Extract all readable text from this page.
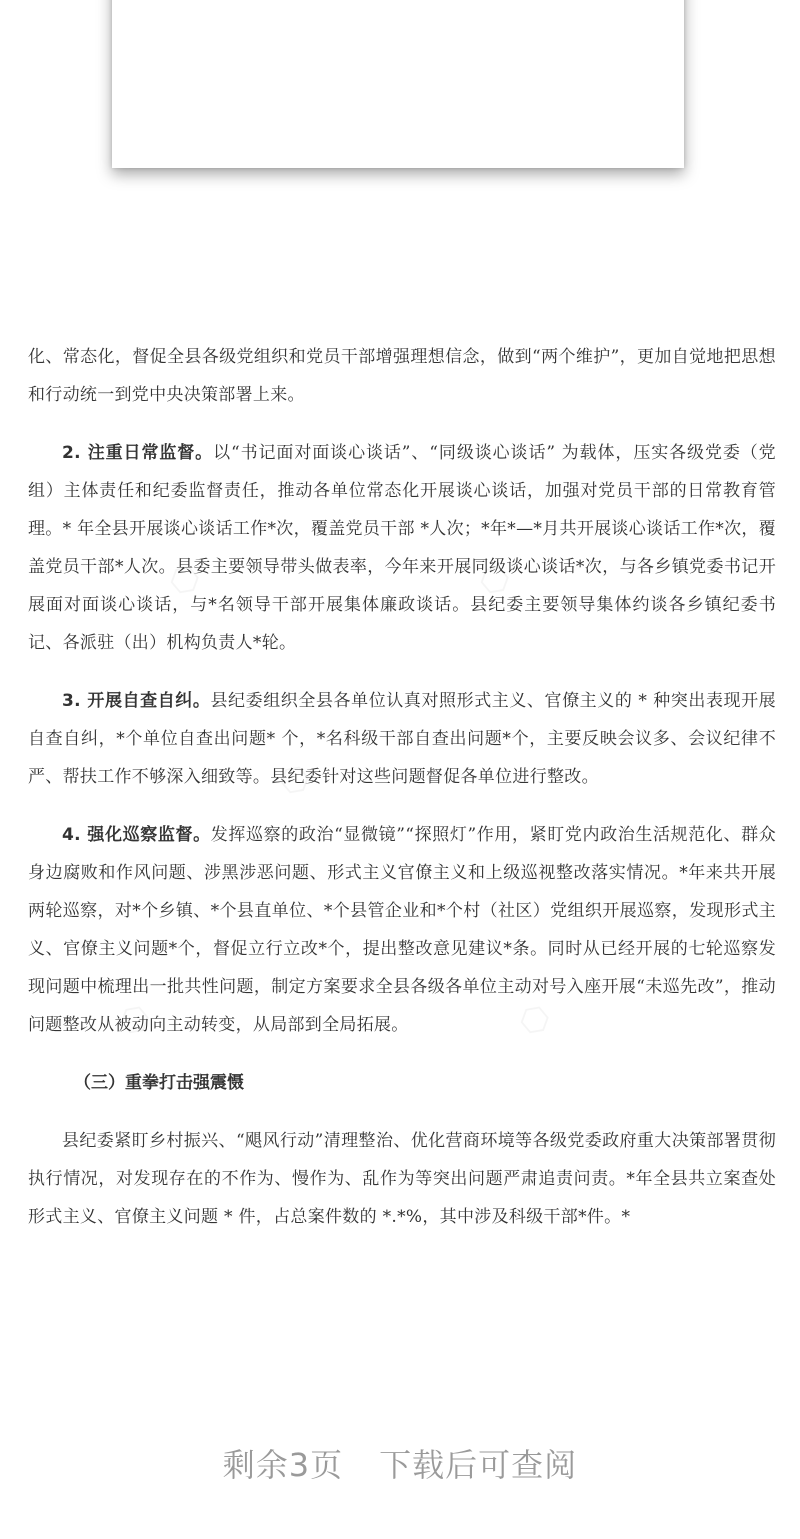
化、常态化，督促全县各级党组织和党员干部增强理想信念，做到“两个维护”，更加自觉地把思想和行动统一到党中央决策部署上来。

2. 注重日常监督。以“书记面对面谈心谈话”、“同级谈心谈话” 为载体，压实各级党委（党组）主体责任和纪委监督责任，推动各单位常态化开展谈心谈话，加强对党员干部的日常教育管理。* 年全县开展谈心谈话工作*次，覆盖党员干部 *人次；*年*—*月共开展谈心谈话工作*次，覆盖党员干部*人次。县委主要领导带头做表率，今年来开展同级谈心谈话*次，与各乡镇党委书记开展面对面谈心谈话，与*名领导干部开展集体廉政谈话。县纪委主要领导集体约谈各乡镇纪委书记、各派驻（出）机构负责人*轮。

3. 开展自查自纠。县纪委组织全县各单位认真对照形式主义、官僚主义的 * 种突出表现开展自查自纠，*个单位自查出问题* 个，*名科级干部自查出问题*个，主要反映会议多、会议纪律不严、帮扶工作不够深入细致等。县纪委针对这些问题督促各单位进行整改。

4. 强化巡察监督。发挥巡察的政治“显微镜”“探照灯”作用，紧盯党内政治生活规范化、群众身边腐败和作风问题、涉黑涉恶问题、形式主义官僚主义和上级巡视整改落实情况。*年来共开展两轮巡察，对*个乡镇、*个县直单位、*个县管企业和*个村（社区）党组织开展巡察，发现形式主义、官僚主义问题*个，督促立行立改*个，提出整改意见建议*条。同时从已经开展的七轮巡察发现问题中梳理出一批共性问题，制定方案要求全县各级各单位主动对号入座开展“未巡先改”，推动问题整改从被动向主动转变，从局部到全局拓展。

（三）重拳打击强震慑

县纪委紧盯乡村振兴、“飓风行动”清理整治、优化营商环境等各级党委政府重大决策部署贯彻执行情况，对发现存在的不作为、慢作为、乱作为等突出问题严肃追责问责。*年全县共立案查处形式主义、官僚主义问题 * 件，占总案件数的 *.*%，其中涉及科级干部*件。*

剩余3页 下载后可查阅
